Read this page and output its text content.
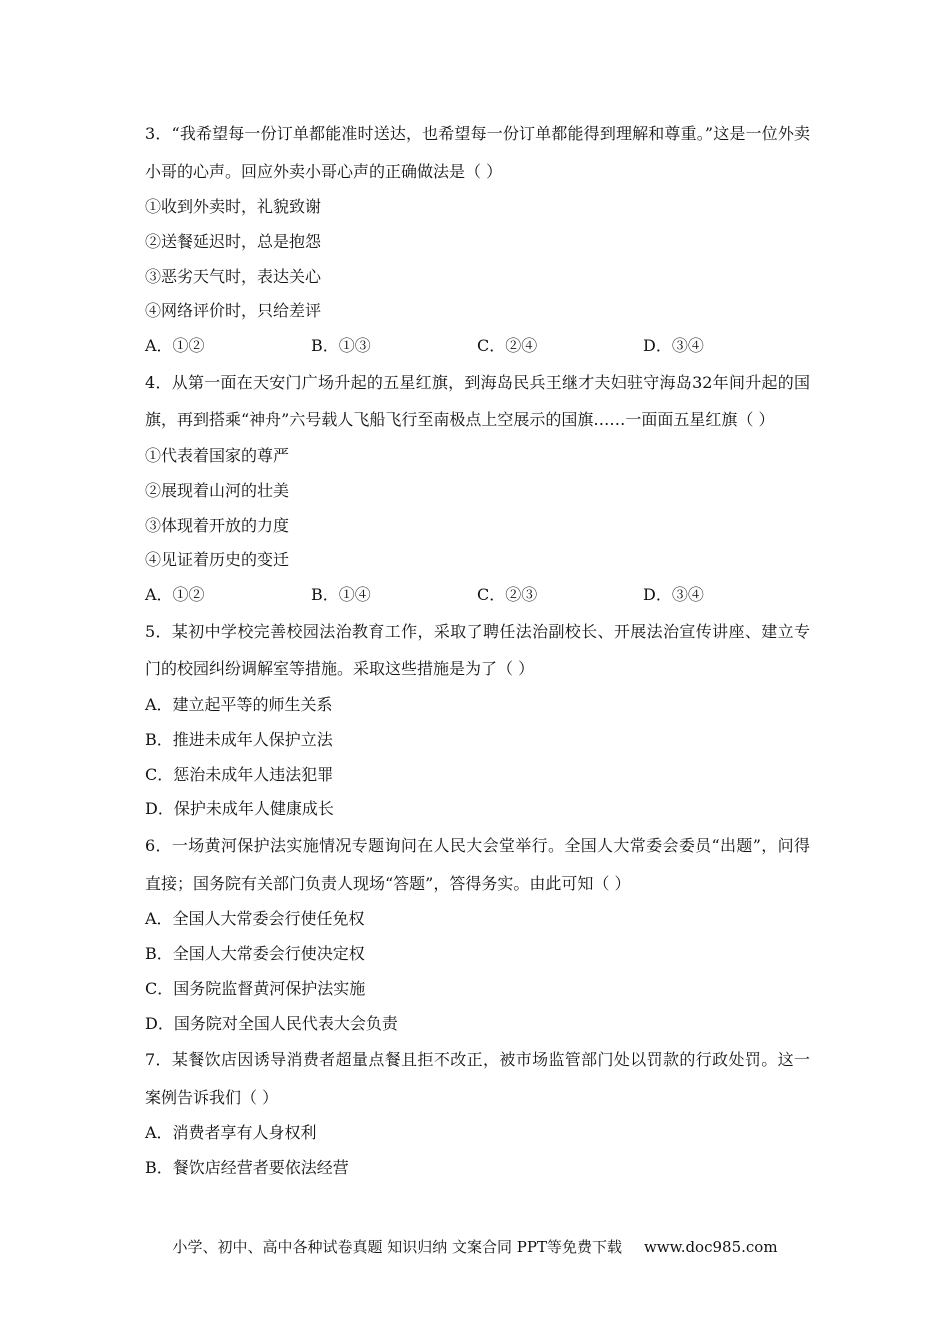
3．“我希望每一份订单都能准时送达，也希望每一份订单都能得到理解和尊重。”这是一位外卖小哥的心声。回应外卖小哥心声的正确做法是（ ）
①收到外卖时，礼貌致谢
②送餐延迟时，总是抱怨
③恶劣天气时，表达关心
④网络评价时，只给差评
A．①②	B．①③	C．②④	D．③④
4．从第一面在天安门广场升起的五星红旗，到海岛民兵王继才夫妇驻守海岛32年间升起的国旗，再到搭乘“神舟”六号载人飞船飞行至南极点上空展示的国旗……一面面五星红旗（ ）
①代表着国家的尊严
②展现着山河的壮美
③体现着开放的力度
④见证着历史的变迁
A．①②	B．①④	C．②③	D．③④
5．某初中学校完善校园法治教育工作，采取了聘任法治副校长、开展法治宣传讲座、建立专门的校园纠纷调解室等措施。采取这些措施是为了（ ）
A．建立起平等的师生关系
B．推进未成年人保护立法
C．惩治未成年人违法犯罪
D．保护未成年人健康成长
6．一场黄河保护法实施情况专题询问在人民大会堂举行。全国人大常委会委员“出题”，问得直接；国务院有关部门负责人现场“答题”，答得务实。由此可知（ ）
A．全国人大常委会行使任免权
B．全国人大常委会行使决定权
C．国务院监督黄河保护法实施
D．国务院对全国人民代表大会负责
7．某餐饮店因诱导消费者超量点餐且拒不改正，被市场监管部门处以罚款的行政处罚。这一案例告诉我们（ ）
A．消费者享有人身权利
B．餐饮店经营者要依法经营
小学、初中、高中各种试卷真题 知识归纳 文案合同 PPT等免费下载 www.doc985.com
